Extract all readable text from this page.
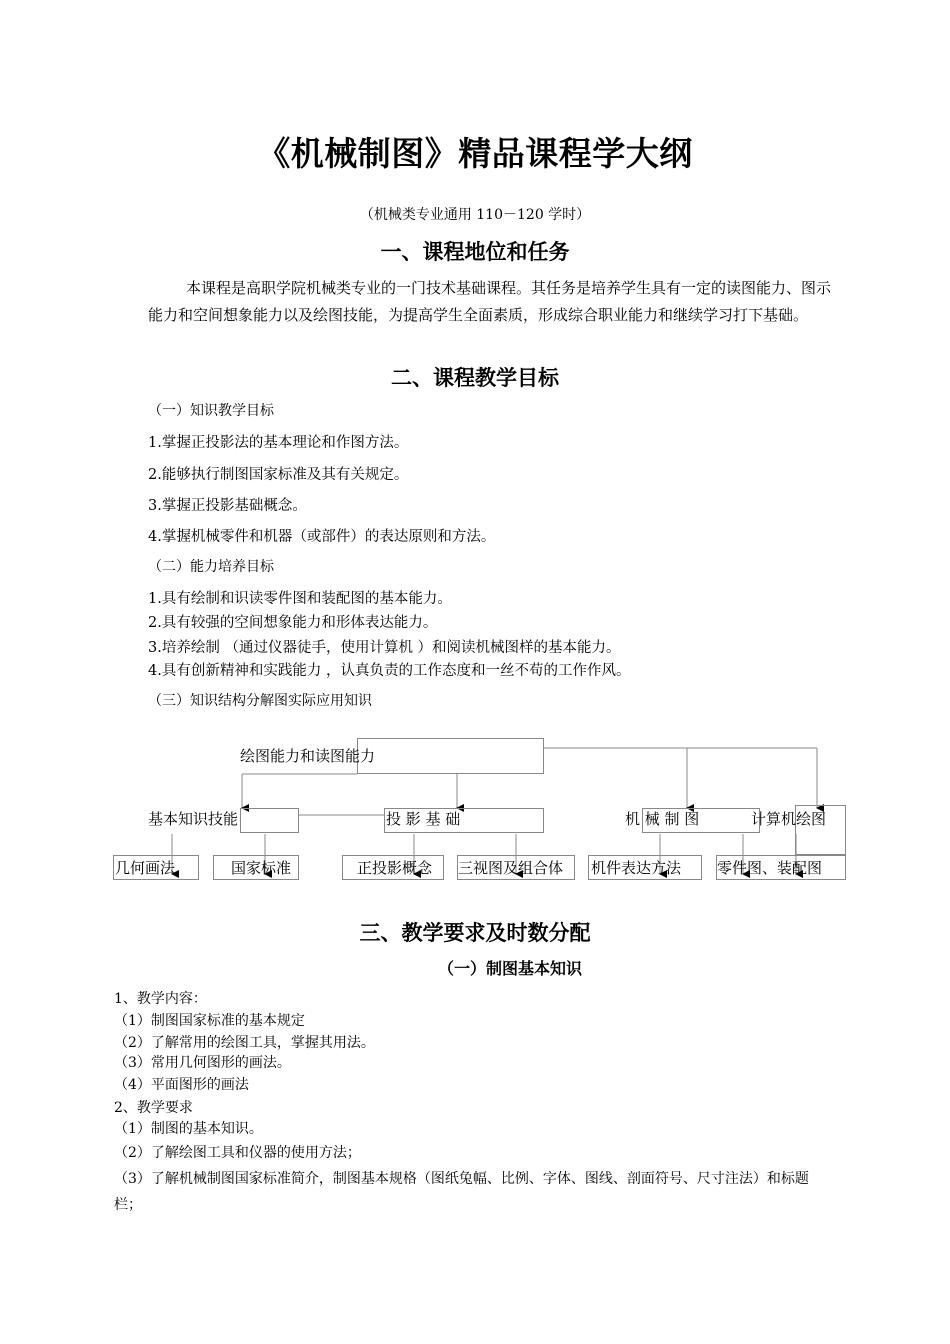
《机械制图》精品课程学大纲
（机械类专业通用 110－120 学时）
一、课程地位和任务
本课程是高职学院机械类专业的一门技术基础课程。其任务是培养学生具有一定的读图能力、图示能力和空间想象能力以及绘图技能，为提高学生全面素质，形成综合职业能力和继续学习打下基础。
二、课程教学目标
（一）知识教学目标
1.掌握正投影法的基本理论和作图方法。
2.能够执行制图国家标准及其有关规定。
3.掌握正投影基础概念。
4.掌握机械零件和机器（或部件）的表达原则和方法。
（二）能力培养目标
1.具有绘制和识读零件图和装配图的基本能力。
2.具有较强的空间想象能力和形体表达能力。
3.培养绘制 （通过仪器徒手，使用计算机 ）和阅读机械图样的基本能力。
4.具有创新精神和实践能力 ，认真负责的工作态度和一丝不苟的工作作风。
（三）知识结构分解图实际应用知识
绘图能力和读图能力
基本知识技能	投 影 基 础	机 械 制 图	计算机绘图
几何画法	国家标准	正投影概念 三视图及组合体 机件表达方法 零件图、装配图
三、教学要求及时数分配
（一）制图基本知识
1、教学内容：
（1）制图国家标准的基本规定
（2）了解常用的绘图工具，掌握其用法。
（3）常用几何图形的画法。
（4）平面图形的画法
2、教学要求
（1）制图的基本知识。
（2）了解绘图工具和仪器的使用方法；
（3）了解机械制图国家标准简介，制图基本规格（图纸兔幅、比例、字体、图线、剖面符号、尺寸注法）和标题栏；
